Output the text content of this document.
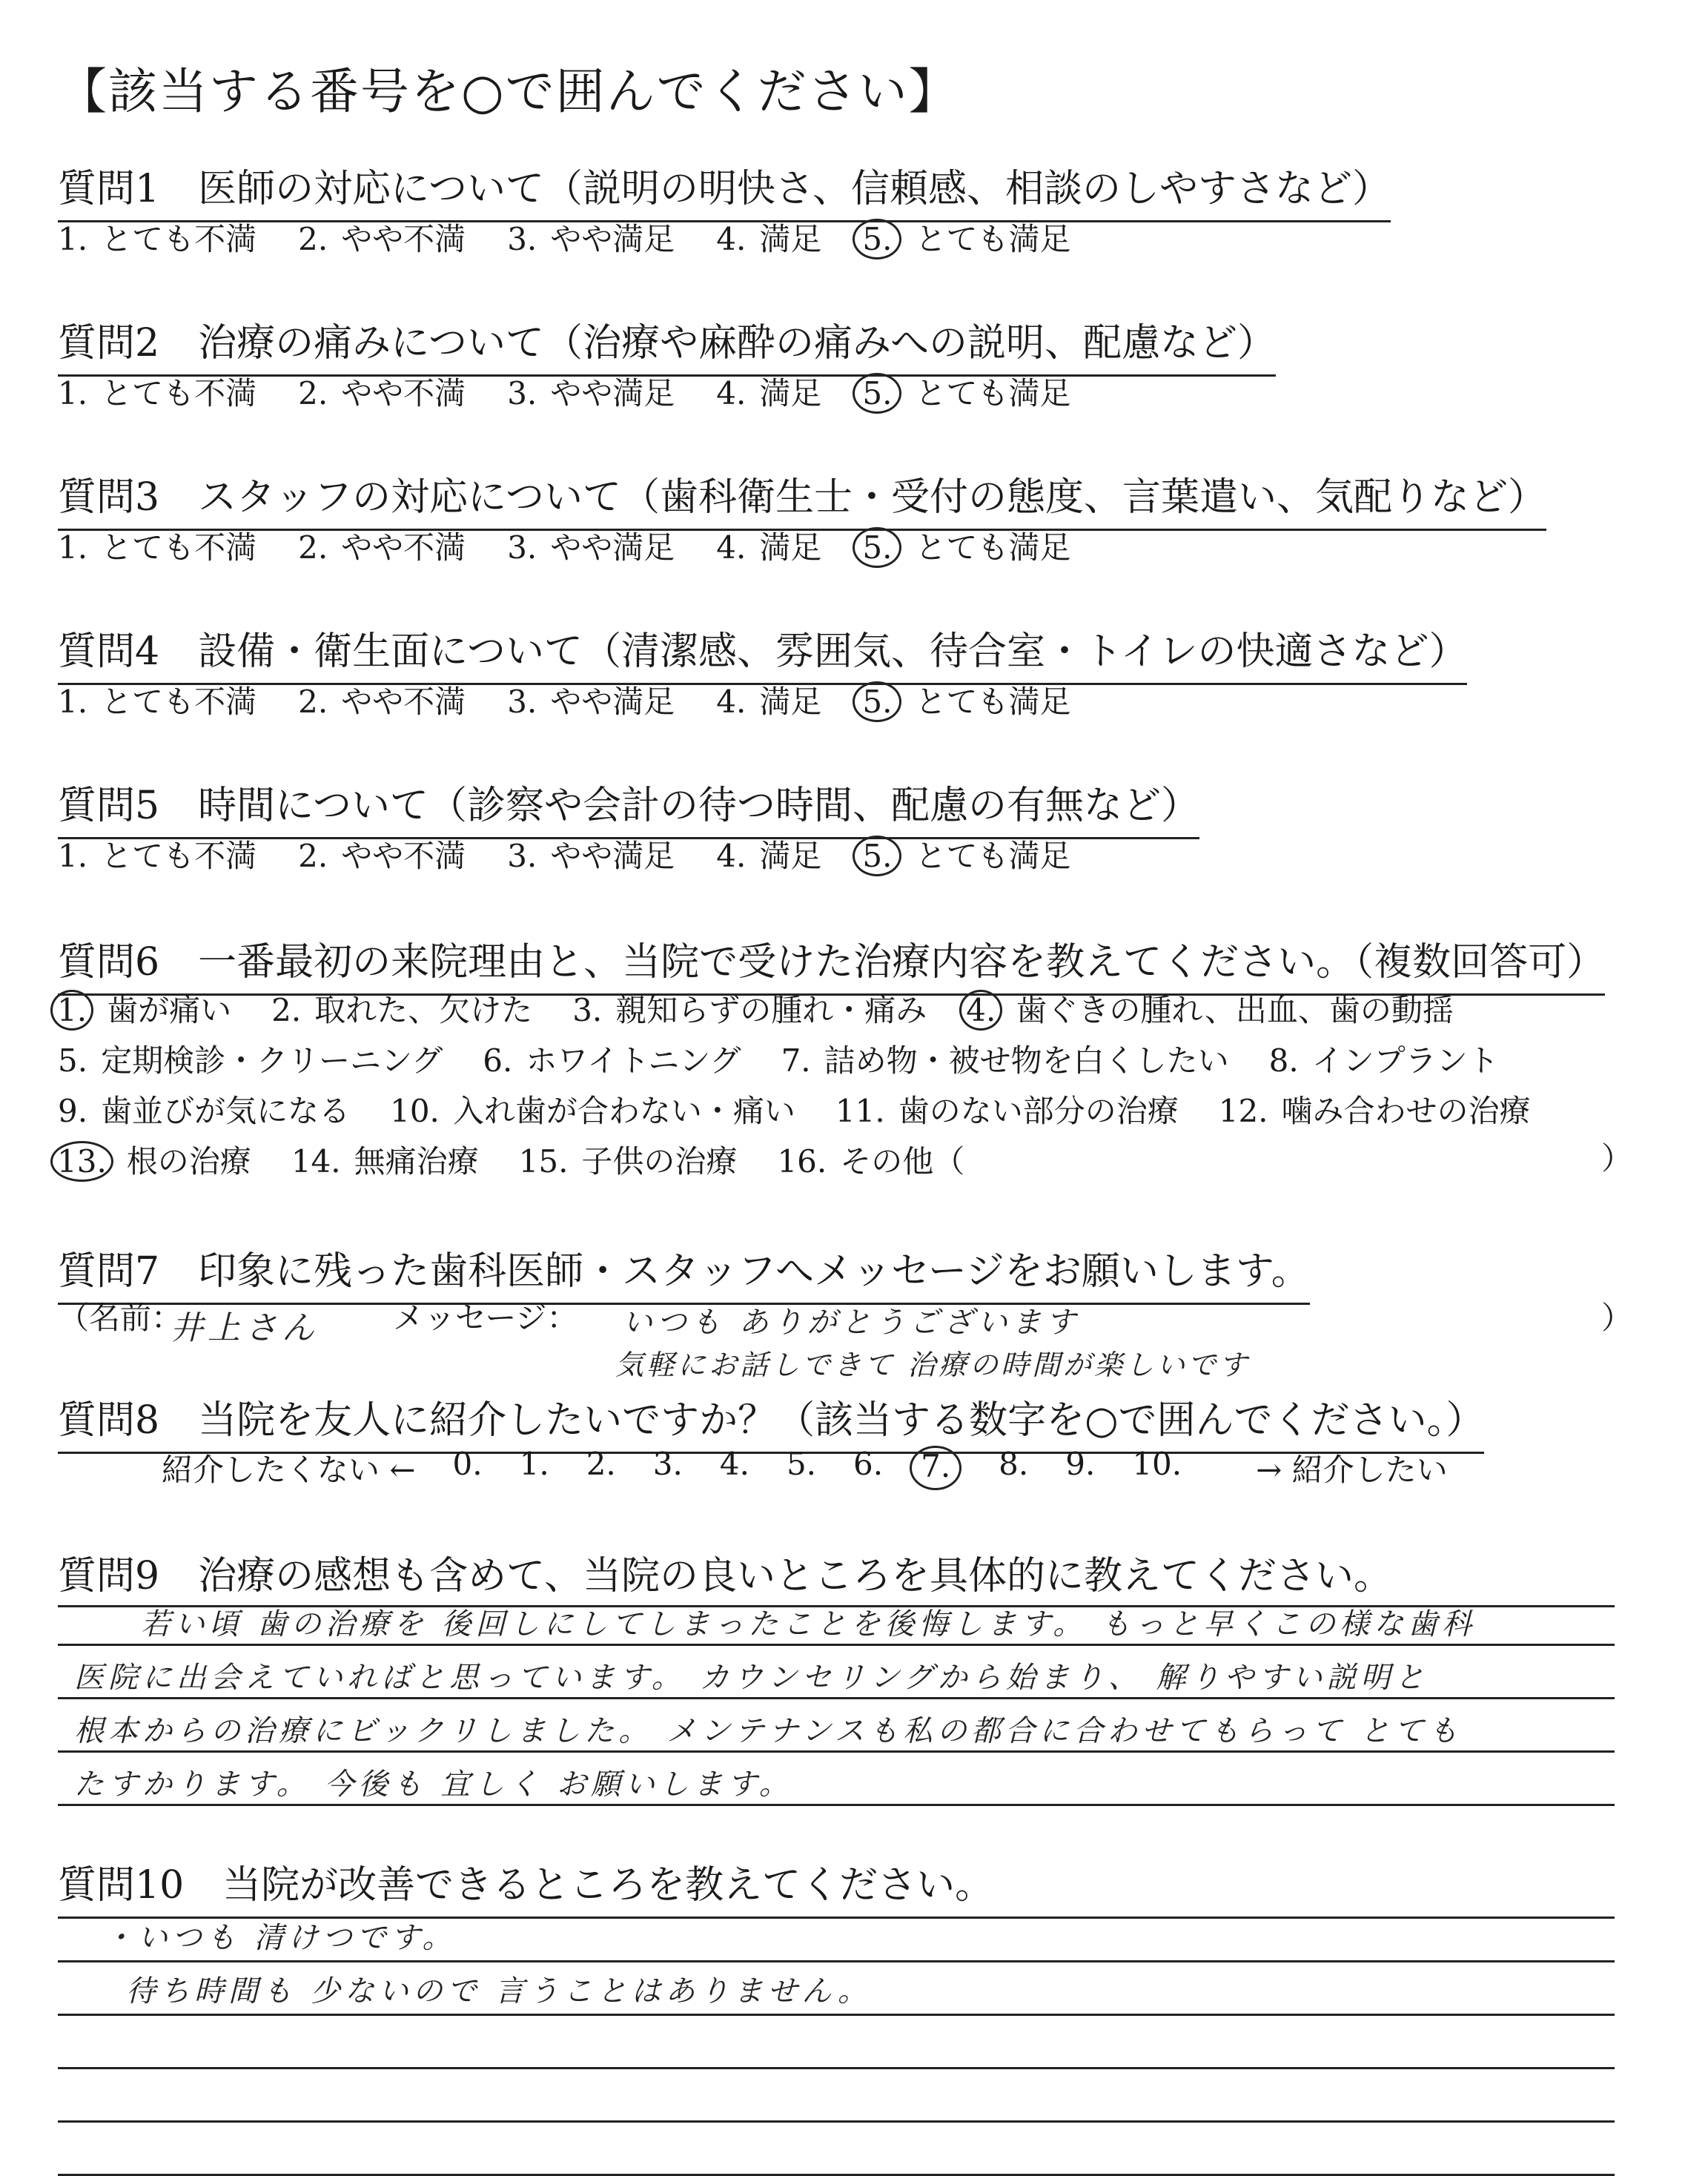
【該当する番号を○で囲んでください】
質問1　医師の対応について（説明の明快さ、信頼感、相談のしやすさなど）
1. とても不満 2. やや不満 3. やや満足 4. 満足 5. とても満足
質問2　治療の痛みについて（治療や麻酔の痛みへの説明、配慮など）
1. とても不満 2. やや不満 3. やや満足 4. 満足 5. とても満足
質問3　スタッフの対応について（歯科衛生士・受付の態度、言葉遣い、気配りなど）
1. とても不満 2. やや不満 3. やや満足 4. 満足 5. とても満足
質問4　設備・衛生面について（清潔感、雰囲気、待合室・トイレの快適さなど）
1. とても不満 2. やや不満 3. やや満足 4. 満足 5. とても満足
質問5　時間について（診察や会計の待つ時間、配慮の有無など）
1. とても不満 2. やや不満 3. やや満足 4. 満足 5. とても満足
質問6　一番最初の来院理由と、当院で受けた治療内容を教えてください。（複数回答可）
1. 歯が痛い 2. 取れた、欠けた 3. 親知らずの腫れ・痛み 4. 歯ぐきの腫れ、出血、歯の動揺
5. 定期検診・クリーニング 6. ホワイトニング 7. 詰め物・被せ物を白くしたい 8. インプラント
9. 歯並びが気になる 10. 入れ歯が合わない・痛い 11. 歯のない部分の治療 12. 噛み合わせの治療
13. 根の治療 14. 無痛治療 15. 子供の治療 16. その他（	）
質問7　印象に残った歯科医師・スタッフへメッセージをお願いします。
（名前：
井上さん メッセージ： いつも ありがとうございます
気軽にお話しできて 治療の時間が楽しいです
）
質問8　当院を友人に紹介したいですか？（該当する数字を○で囲んでください。）
紹介したくない ← 0. 1. 2. 3. 4. 5. 6.	7.	8. 9. 10. → 紹介したい
質問9　治療の感想も含めて、当院の良いところを具体的に教えてください。
若い頃 歯の治療を 後回しにしてしまったことを後悔します。 もっと早くこの様な歯科
医院に出会えていればと思っています。 カウンセリングから始まり、 解りやすい説明と
根本からの治療にビックリしました。 メンテナンスも私の都合に合わせてもらって とても
たすかります。 今後も 宜しく お願いします。
質問10　当院が改善できるところを教えてください。
・いつも 清けつです。
待ち時間も 少ないので 言うことはありません。
